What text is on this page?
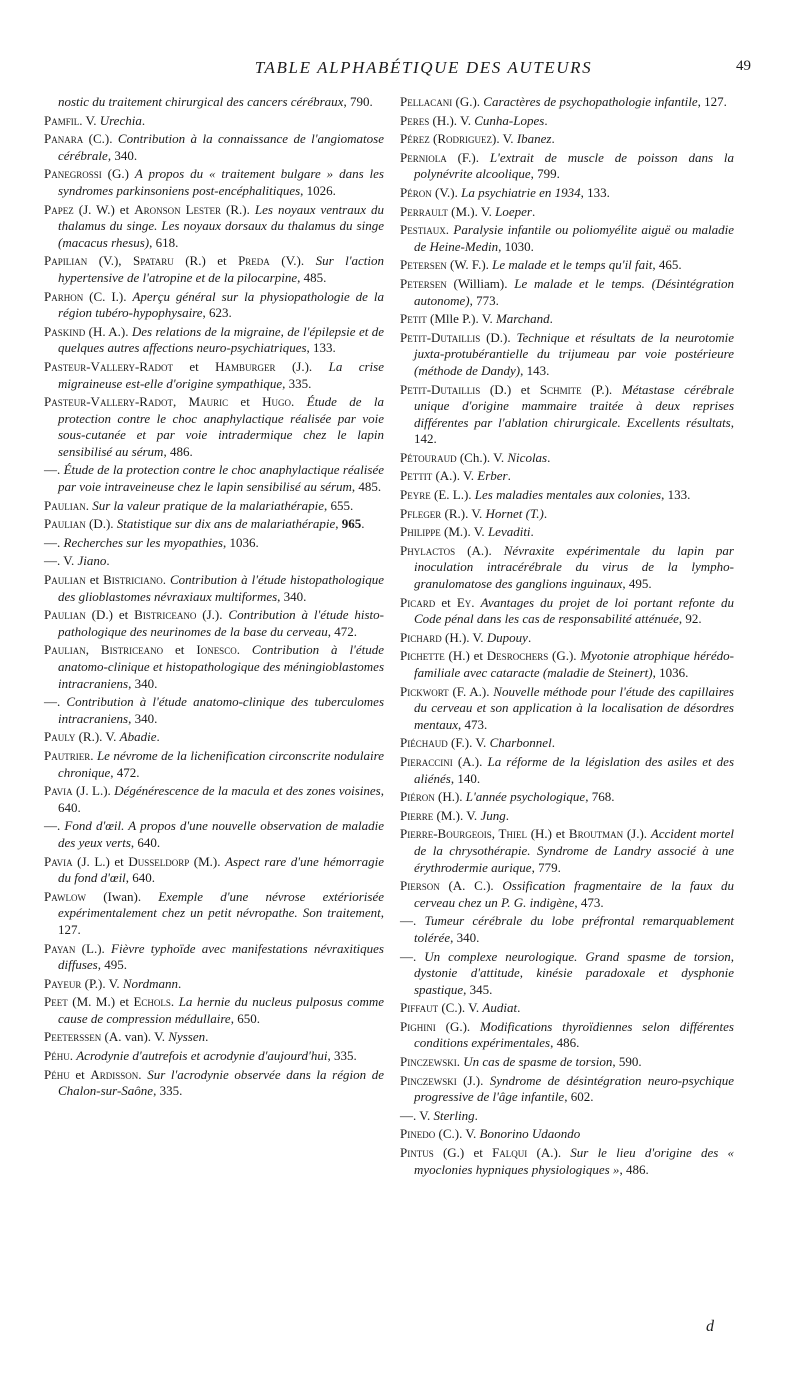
TABLE ALPHABÉTIQUE DES AUTEURS	49

nostic du traitement chirurgical des cancers cérébraux, 790.

Pamfil. V. Urechia.

Panara (C.). Contribution à la connaissance de l'angiomatose cérébrale, 340.

Panegrossi (G.) A propos du « traitement bulgare » dans les syndromes parkinsoniens post-encéphalitiques, 1026.

Papez (J. W.) et Aronson Lester (R.). Les noyaux ventraux du thalamus du singe. Les noyaux dorsaux du thalamus du singe (macacus rhesus), 618.

Papilian (V.), Spataru (R.) et Preda (V.). Sur l'action hypertensive de l'atropine et de la pilocarpine, 485.

Parhon (C. I.). Aperçu général sur la physiopathologie de la région tubéro-hypophysaire, 623.

Paskind (H. A.). Des relations de la migraine, de l'épilepsie et de quelques autres affections neuro-psychiatriques, 133.

Pasteur-Vallery-Radot et Hamburger (J.). La crise migraineuse est-elle d'origine sympathique, 335.

Pasteur-Vallery-Radot, Mauric et Hugo. Étude de la protection contre le choc anaphylactique réalisée par voie sous-cutanée et par voie intradermique chez le lapin sensibilisé au sérum, 486.

—. Étude de la protection contre le choc anaphylactique réalisée par voie intraveineuse chez le lapin sensibilisé au sérum, 485.

Paulian. Sur la valeur pratique de la malariathérapie, 655.

Paulian (D.). Statistique sur dix ans de malariathérapie, 965.

—. Recherches sur les myopathies, 1036.

—. V. Jiano.

Paulian et Bistriciano. Contribution à l'étude histopathologique des glioblastomes névraxiaux multiformes, 340.

Paulian (D.) et Bistriceano (J.). Contribution à l'étude histo-pathologique des neurinomes de la base du cerveau, 472.

Paulian, Bistriceano et Ionesco. Contribution à l'étude anatomo-clinique et histopathologique des méningioblastomes intracraniens, 340.

—. Contribution à l'étude anatomo-clinique des tuberculomes intracraniens, 340.

Pauly (R.). V. Abadie.

Pautrier. Le névrome de la lichenification circonscrite nodulaire chronique, 472.

Pavia (J. L.). Dégénérescence de la macula et des zones voisines, 640.

—. Fond d'œil. A propos d'une nouvelle observation de maladie des yeux verts, 640.

Pavia (J. L.) et Dusseldorp (M.). Aspect rare d'une hémorragie du fond d'œil, 640.

Pawlow (Iwan). Exemple d'une névrose extériorisée expérimentalement chez un petit névropathe. Son traitement, 127.

Payan (L.). Fièvre typhoïde avec manifestations névraxitiques diffuses, 495.

Payeur (P.). V. Nordmann.

Peet (M. M.) et Echols. La hernie du nucleus pulposus comme cause de compression médullaire, 650.

Peeterssen (A. van). V. Nyssen.

Péhu. Acrodynie d'autrefois et acrodynie d'aujourd'hui, 335.

Péhu et Ardisson. Sur l'acrodynie observée dans la région de Chalon-sur-Saône, 335.

Pellacani (G.). Caractères de psychopathologie infantile, 127.

Peres (H.). V. Cunha-Lopes.

Pérez (Rodriguez). V. Ibanez.

Perniola (F.). L'extrait de muscle de poisson dans la polynévrite alcoolique, 799.

Péron (V.). La psychiatrie en 1934, 133.

Perrault (M.). V. Loeper.

Pestiaux. Paralysie infantile ou poliomyélite aiguë ou maladie de Heine-Medin, 1030.

Petersen (W. F.). Le malade et le temps qu'il fait, 465.

Petersen (William). Le malade et le temps. (Désintégration autonome), 773.

Petit (Mlle P.). V. Marchand.

Petit-Dutaillis (D.). Technique et résultats de la neurotomie juxta-protubérantielle du trijumeau par voie postérieure (méthode de Dandy), 143.

Petit-Dutaillis (D.) et Schmite (P.). Métastase cérébrale unique d'origine mammaire traitée à deux reprises différentes par l'ablation chirurgicale. Excellents résultats, 142.

Pétouraud (Ch.). V. Nicolas.

Pettit (A.). V. Erber.

Peyre (E. L.). Les maladies mentales aux colonies, 133.

Pfleger (R.). V. Hornet (T.).

Philippe (M.). V. Levaditi.

Phylactos (A.). Névraxite expérimentale du lapin par inoculation intracérébrale du virus de la lympho-granulomatose des ganglions inguinaux, 495.

Picard et Ey. Avantages du projet de loi portant refonte du Code pénal dans les cas de responsabilité atténuée, 92.

Pichard (H.). V. Dupouy.

Pichette (H.) et Desrochers (G.). Myotonie atrophique hérédo-familiale avec cataracte (maladie de Steinert), 1036.

Pickwort (F. A.). Nouvelle méthode pour l'étude des capillaires du cerveau et son application à la localisation de désordres mentaux, 473.

Piéchaud (F.). V. Charbonnel.

Pieraccini (A.). La réforme de la législation des asiles et des aliénés, 140.

Piéron (H.). L'année psychologique, 768.

Pierre (M.). V. Jung.

Pierre-Bourgeois, Thiel (H.) et Broutman (J.). Accident mortel de la chrysothérapie. Syndrome de Landry associé à une érythrodermie aurique, 779.

Pierson (A. C.). Ossification fragmentaire de la faux du cerveau chez un P. G. indigène, 473.

—. Tumeur cérébrale du lobe préfrontal remarquablement tolérée, 340.

—. Un complexe neurologique. Grand spasme de torsion, dystonie d'attitude, kinésie paradoxale et dysphonie spastique, 345.

Piffaut (C.). V. Audiat.

Pighini (G.). Modifications thyroïdiennes selon différentes conditions expérimentales, 486.

Pinczewski. Un cas de spasme de torsion, 590.

Pinczewski (J.). Syndrome de désintégration neuro-psychique progressive de l'âge infantile, 602.

—. V. Sterling.

Pinedo (C.). V. Bonorino Udaondo

Pintus (G.) et Falqui (A.). Sur le lieu d'origine des « myoclonies hypniques physiologiques », 486.

d
